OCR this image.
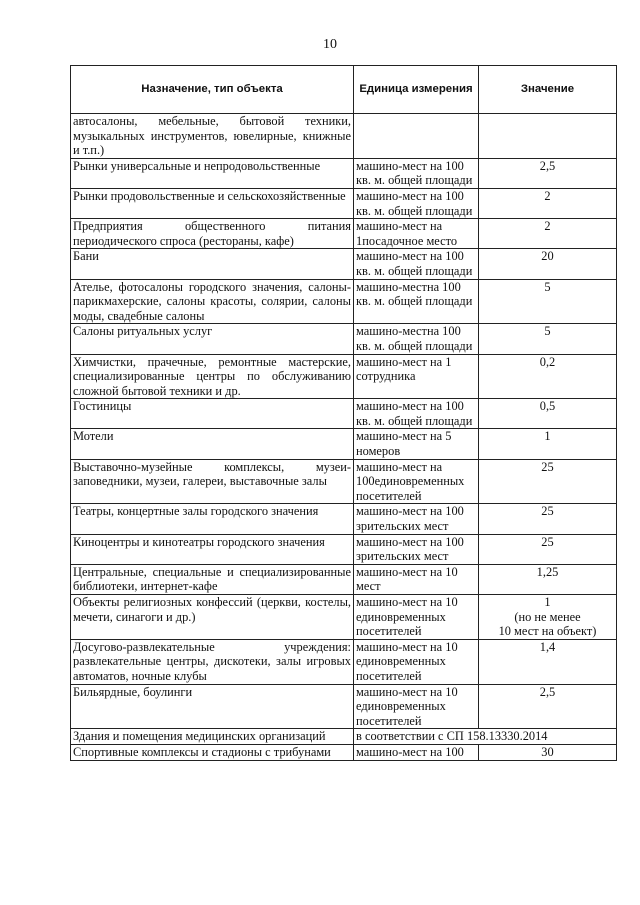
10
Назначение, тип объекта	Единица измерения	Значение
автосалоны, мебельные, бытовой техники, музыкальных инструментов, ювелирные, книжные и т.п.)		
Рынки универсальные и непродовольственные	машино-мест на 100 кв. м. общей площади	2,5
Рынки продовольственные и сельскохозяйственные	машино-мест на 100 кв. м. общей площади	2
Предприятия общественного питания периодического спроса (рестораны, кафе)	машино-мест на 1посадочное место	2
Бани	машино-мест на 100 кв. м. общей площади	20
Ателье, фотосалоны городского значения, салоны-парикмахерские, салоны красоты, солярии, салоны моды, свадебные салоны	машино-местна 100 кв. м. общей площади	5
Салоны ритуальных услуг	машино-местна 100 кв. м. общей площади	5
Химчистки, прачечные, ремонтные мастерские, специализированные центры по обслуживанию сложной бытовой техники и др.	машино-мест на 1 сотрудника	0,2
Гостиницы	машино-мест на 100 кв. м. общей площади	0,5
Мотели	машино-мест на 5 номеров	1
Выставочно-музейные комплексы, музеи-заповедники, музеи, галереи, выставочные залы	машино-мест на 100единовременных посетителей	25
Театры, концертные залы городского значения	машино-мест на 100 зрительских мест	25
Киноцентры и кинотеатры городского значения	машино-мест на 100 зрительских мест	25
Центральные, специальные и специализированные библиотеки, интернет-кафе	машино-мест на 10 мест	1,25
Объекты религиозных конфессий (церкви, костелы, мечети, синагоги и др.)	машино-мест на 10 единовременных посетителей	1
(но не менее
10 мест на объект)
Досугово-развлекательные учреждения: развлекательные центры, дискотеки, залы игровых автоматов, ночные клубы	машино-мест на 10 единовременных посетителей	1,4
Бильярдные, боулинги	машино-мест на 10 единовременных посетителей	2,5
Здания и помещения медицинских организаций	в соответствии с СП 158.13330.2014	
Спортивные комплексы и стадионы с трибунами	машино-мест на 100	30
